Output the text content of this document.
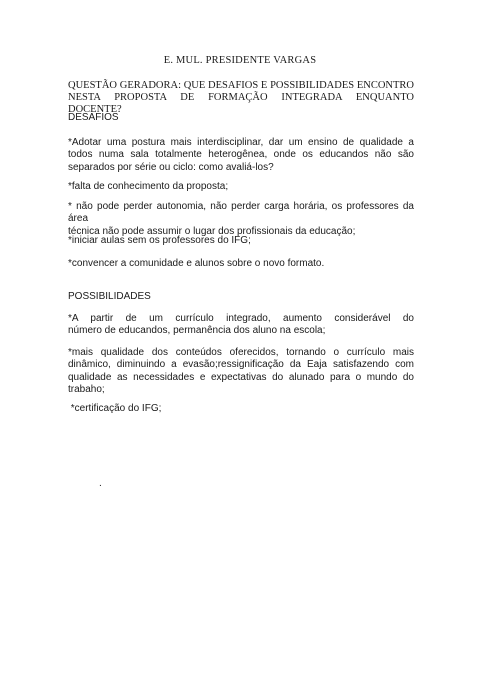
E. MUL. PRESIDENTE VARGAS
QUESTÃO GERADORA: QUE DESAFIOS E POSSIBILIDADES ENCONTRO
NESTA PROPOSTA DE FORMAÇÃO INTEGRADA ENQUANTO DOCENTE?
DESAFIOS
*Adotar uma postura mais interdisciplinar, dar um ensino de qualidade a
todos numa sala totalmente heterogênea, onde os educandos não são
separados por série ou ciclo: como avaliá-los?
*falta de conhecimento da proposta;
* não pode perder autonomia, não perder carga horária, os professores da área
técnica não pode assumir o lugar dos profissionais da educação;
*iniciar aulas sem os professores do IFG;
*convencer a comunidade e alunos sobre o novo formato.
POSSIBILIDADES
*A partir de um currículo integrado, aumento considerável do
número de educandos, permanência dos aluno na escola;
*mais qualidade dos conteúdos oferecidos, tornando o currículo mais
dinâmico, diminuindo a evasão;ressignificação da Eaja satisfazendo com
qualidade as necessidades e expectativas do alunado para o mundo do
trabaho;
*certificação do IFG;
.
